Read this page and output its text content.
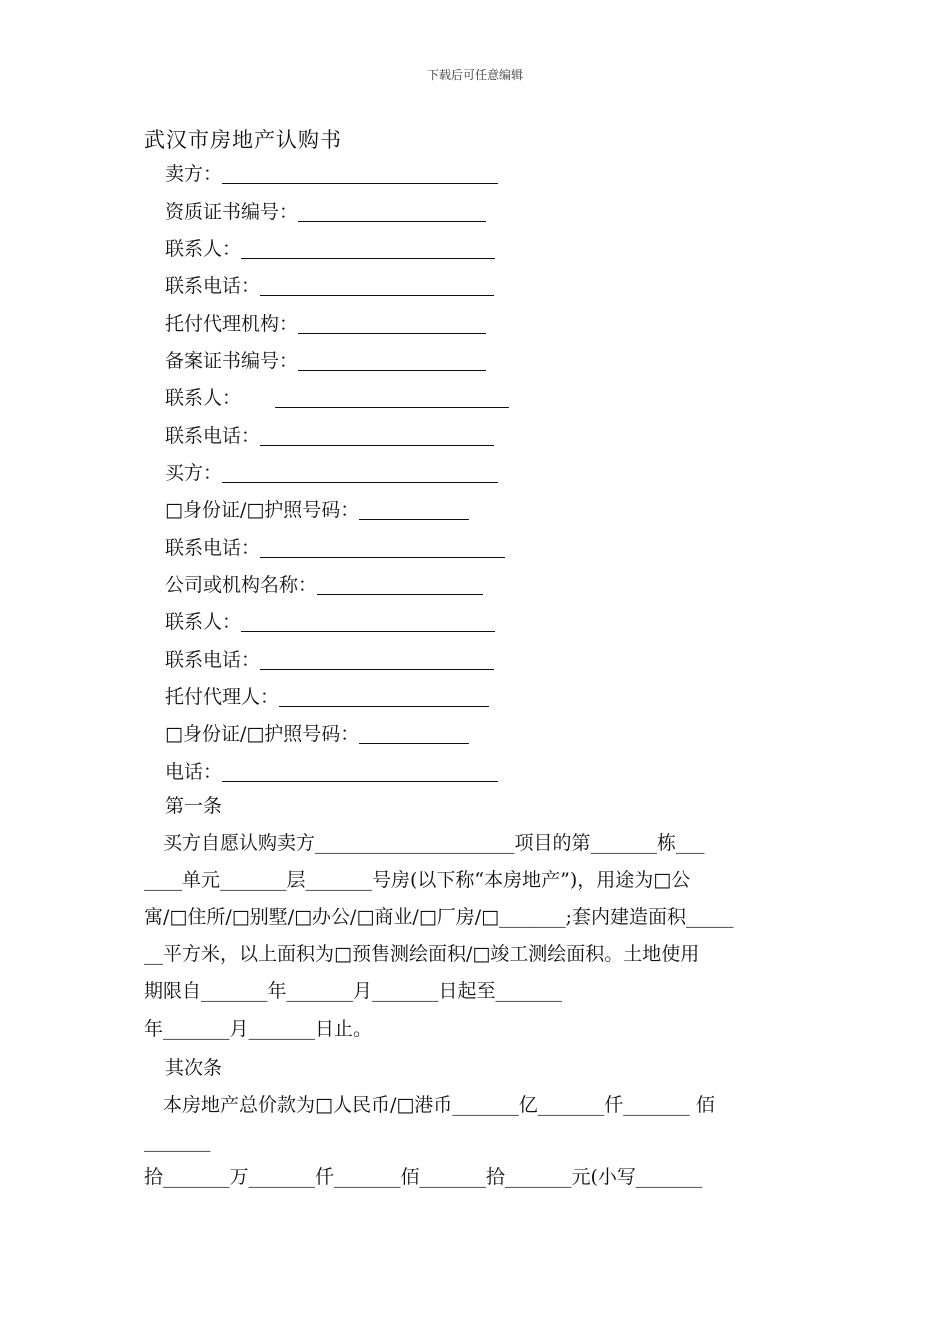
下载后可任意编辑
武汉市房地产认购书
卖方：
资质证书编号：
联系人：
联系电话：
托付代理机构：
备案证书编号：
联系人：
联系电话：
买方：
□身份证/□护照号码：
联系电话：
公司或机构名称：
联系人：
联系电话：
托付代理人：
□身份证/□护照号码：
电话：
第一条
　买方自愿认购卖方_____________________项目的第_______栋___
____单元_______层_______号房(以下称“本房地产”)，用途为□公
寓/□住所/□别墅/□办公/□商业/□厂房/□_______;套内建造面积_____
__平方米，以上面积为□预售测绘面积/□竣工测绘面积。土地使用
期限自_______年_______月_______日起至_______
年_______月_______日止。
其次条
　本房地产总价款为□人民币/□港币_______亿_______仟_______ 佰
_______
拾_______万_______仟_______佰_______拾_______元(小写_______
